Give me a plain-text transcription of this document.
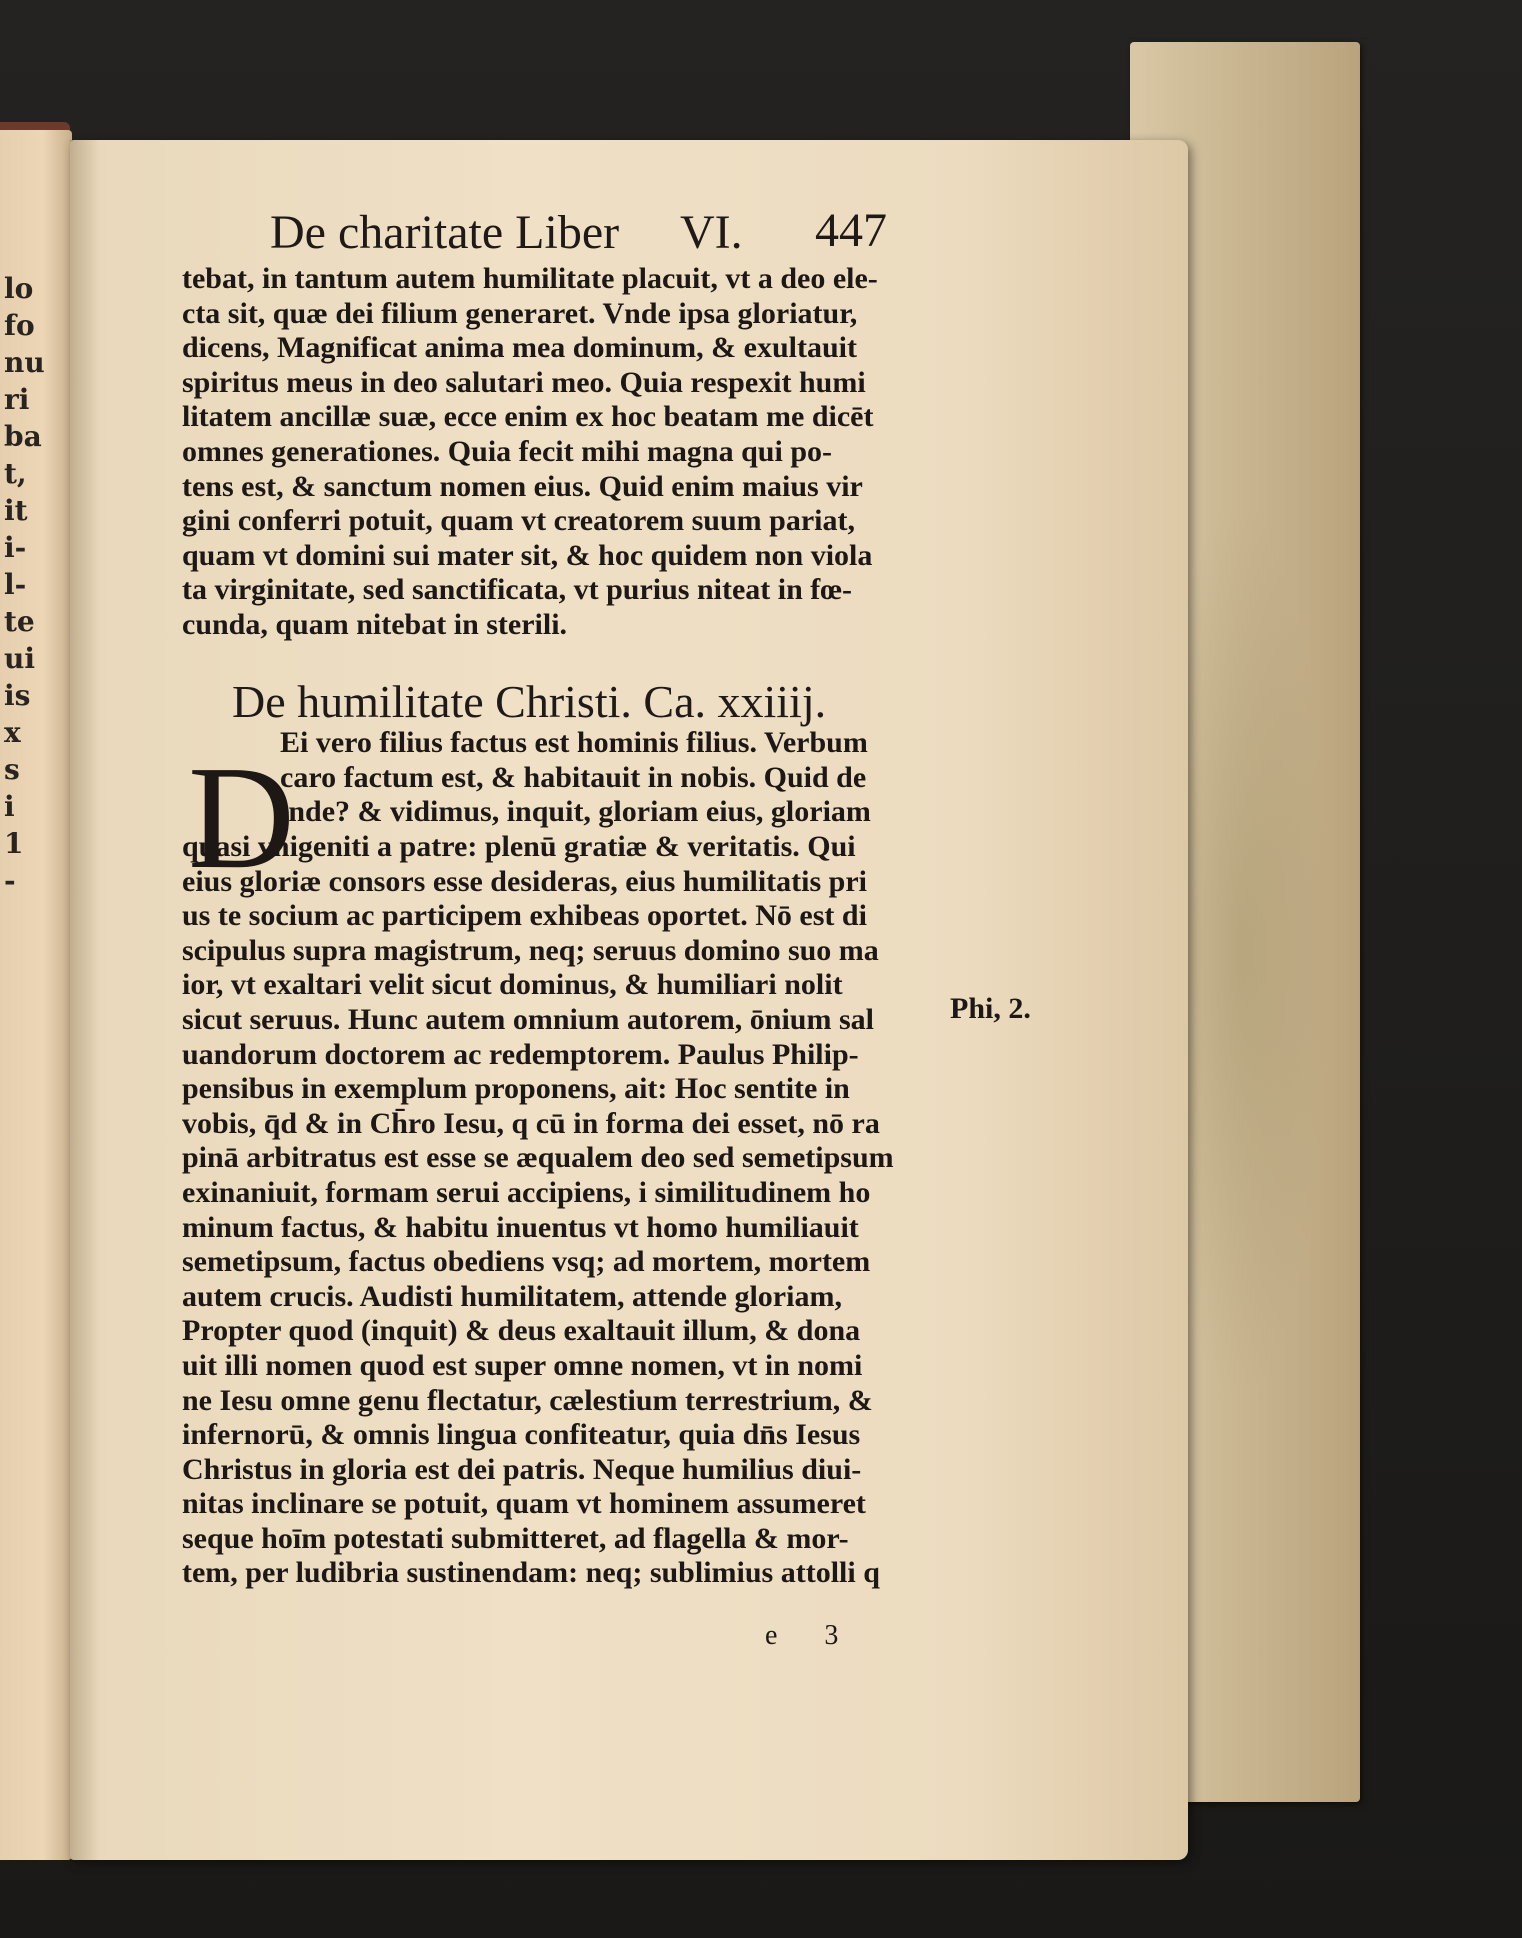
lo
fo
nu
ri
ba
t,
it
i-
l-
te
ui
is
x
s
i
1
-
De charitate Liber VI. 447
tebat, in tantum autem humilitate placuit, vt a deo ele-
cta sit, quæ dei filium generaret. Vnde ipsa gloriatur,
dicens, Magnificat anima mea dominum, & exultauit
spiritus meus in deo salutari meo. Quia respexit humi
litatem ancillæ suæ, ecce enim ex hoc beatam me dicēt
omnes generationes. Quia fecit mihi magna qui po-
tens est, & sanctum nomen eius. Quid enim maius vir
gini conferri potuit, quam vt creatorem suum pariat,
quam vt domini sui mater sit, & hoc quidem non viola
ta virginitate, sed sanctificata, vt purius niteat in fœ-
cunda, quam nitebat in sterili.
De humilitate Christi. Ca. xxiiij.
D
Ei vero filius factus est hominis filius. Verbum
caro factum est, & habitauit in nobis. Quid de
inde? & vidimus, inquit, gloriam eius, gloriam
quasi vnigeniti a patre: plenū gratiæ & veritatis. Qui
eius gloriæ consors esse desideras, eius humilitatis pri
us te socium ac participem exhibeas oportet. Nō est di
scipulus supra magistrum, neq; seruus domino suo ma
ior, vt exaltari velit sicut dominus, & humiliari nolit
sicut seruus. Hunc autem omnium autorem, ōnium sal
uandorum doctorem ac redemptorem. Paulus Philip-
pensibus in exemplum proponens, ait: Hoc sentite in
vobis, q̄d & in Ch̄ro Iesu, q cū in forma dei esset, nō ra
pinā arbitratus est esse se æqualem deo sed semetipsum
exinaniuit, formam serui accipiens, i similitudinem ho
minum factus, & habitu inuentus vt homo humiliauit
semetipsum, factus obediens vsq; ad mortem, mortem
autem crucis. Audisti humilitatem, attende gloriam,
Propter quod (inquit) & deus exaltauit illum, & dona
uit illi nomen quod est super omne nomen, vt in nomi
ne Iesu omne genu flectatur, cælestium terrestrium, &
infernorū, & omnis lingua confiteatur, quia dn̄s Iesus
Christus in gloria est dei patris. Neque humilius diui-
nitas inclinare se potuit, quam vt hominem assumeret
seque hoīm potestati submitteret, ad flagella & mor-
tem, per ludibria sustinendam: neq; sublimius attolli q
Phi, 2.
e 3
